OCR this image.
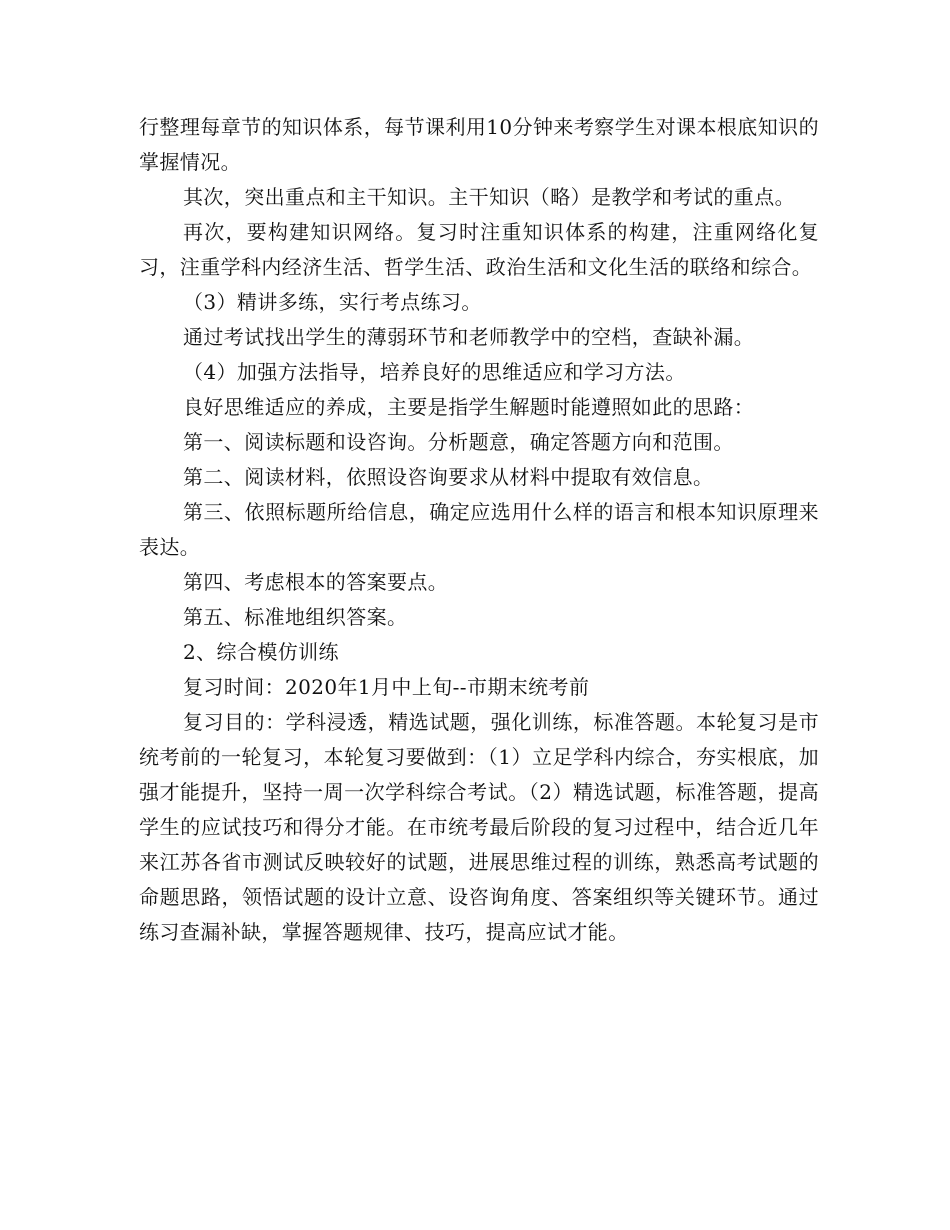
行整理每章节的知识体系，每节课利用10分钟来考察学生对课本根底知识的掌握情况。

其次，突出重点和主干知识。主干知识（略）是教学和考试的重点。

再次，要构建知识网络。复习时注重知识体系的构建，注重网络化复习，注重学科内经济生活、哲学生活、政治生活和文化生活的联络和综合。

（3）精讲多练，实行考点练习。

通过考试找出学生的薄弱环节和老师教学中的空档，查缺补漏。

（4）加强方法指导，培养良好的思维适应和学习方法。

良好思维适应的养成，主要是指学生解题时能遵照如此的思路：

第一、阅读标题和设咨询。分析题意，确定答题方向和范围。

第二、阅读材料，依照设咨询要求从材料中提取有效信息。

第三、依照标题所给信息，确定应选用什么样的语言和根本知识原理来表达。

第四、考虑根本的答案要点。

第五、标准地组织答案。

2、综合模仿训练

复习时间：2020年1月中上旬--市期末统考前

复习目的：学科浸透，精选试题，强化训练，标准答题。本轮复习是市统考前的一轮复习，本轮复习要做到：（1）立足学科内综合，夯实根底，加强才能提升，坚持一周一次学科综合考试。（2）精选试题，标准答题，提高学生的应试技巧和得分才能。在市统考最后阶段的复习过程中，结合近几年来江苏各省市测试反映较好的试题，进展思维过程的训练，熟悉高考试题的命题思路，领悟试题的设计立意、设咨询角度、答案组织等关键环节。通过练习查漏补缺，掌握答题规律、技巧，提高应试才能。
